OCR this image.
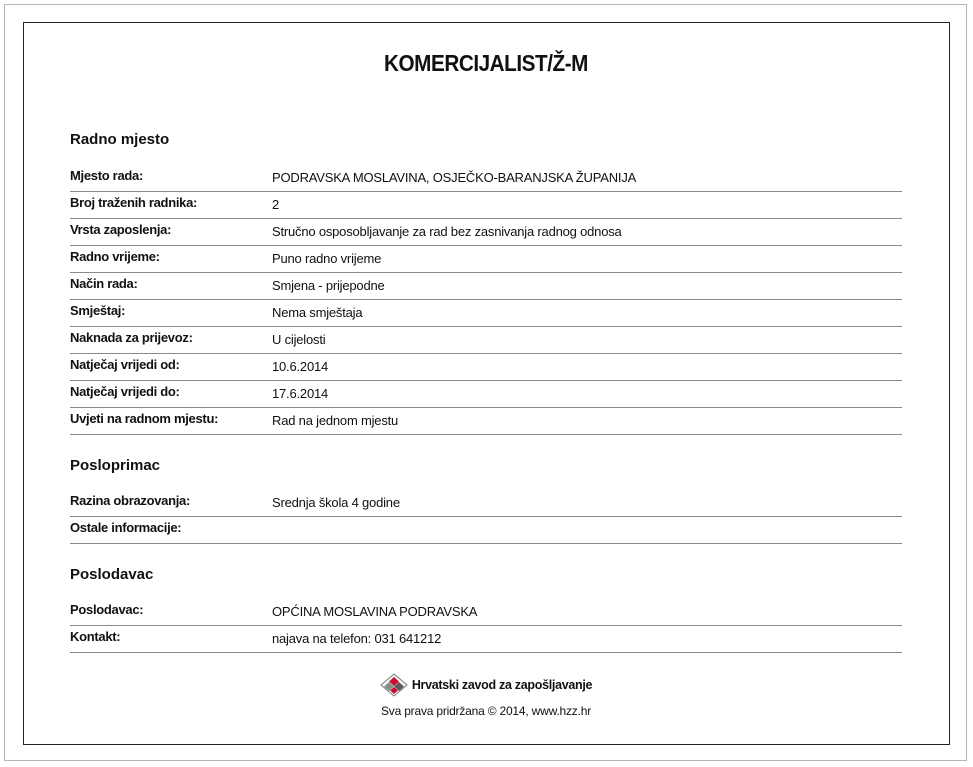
KOMERCIJALIST/Ž-M
Radno mjesto
Mjesto rada:	PODRAVSKA MOSLAVINA, OSJEČKO-BARANJSKA ŽUPANIJA
Broj traženih radnika:	2
Vrsta zaposlenja:	Stručno osposobljavanje za rad bez zasnivanja radnog odnosa
Radno vrijeme:	Puno radno vrijeme
Način rada:	Smjena - prijepodne
Smještaj:	Nema smještaja
Naknada za prijevoz:	U cijelosti
Natječaj vrijedi od:	10.6.2014
Natječaj vrijedi do:	17.6.2014
Uvjeti na radnom mjestu:	Rad na jednom mjestu
Posloprimac
Razina obrazovanja:	Srednja škola 4 godine
Ostale informacije:
Poslodavac
Poslodavac:	OPĆINA MOSLAVINA PODRAVSKA
Kontakt:	najava na telefon: 031 641212
Hrvatski zavod za zapošljavanje
Sva prava pridržana © 2014, www.hzz.hr
